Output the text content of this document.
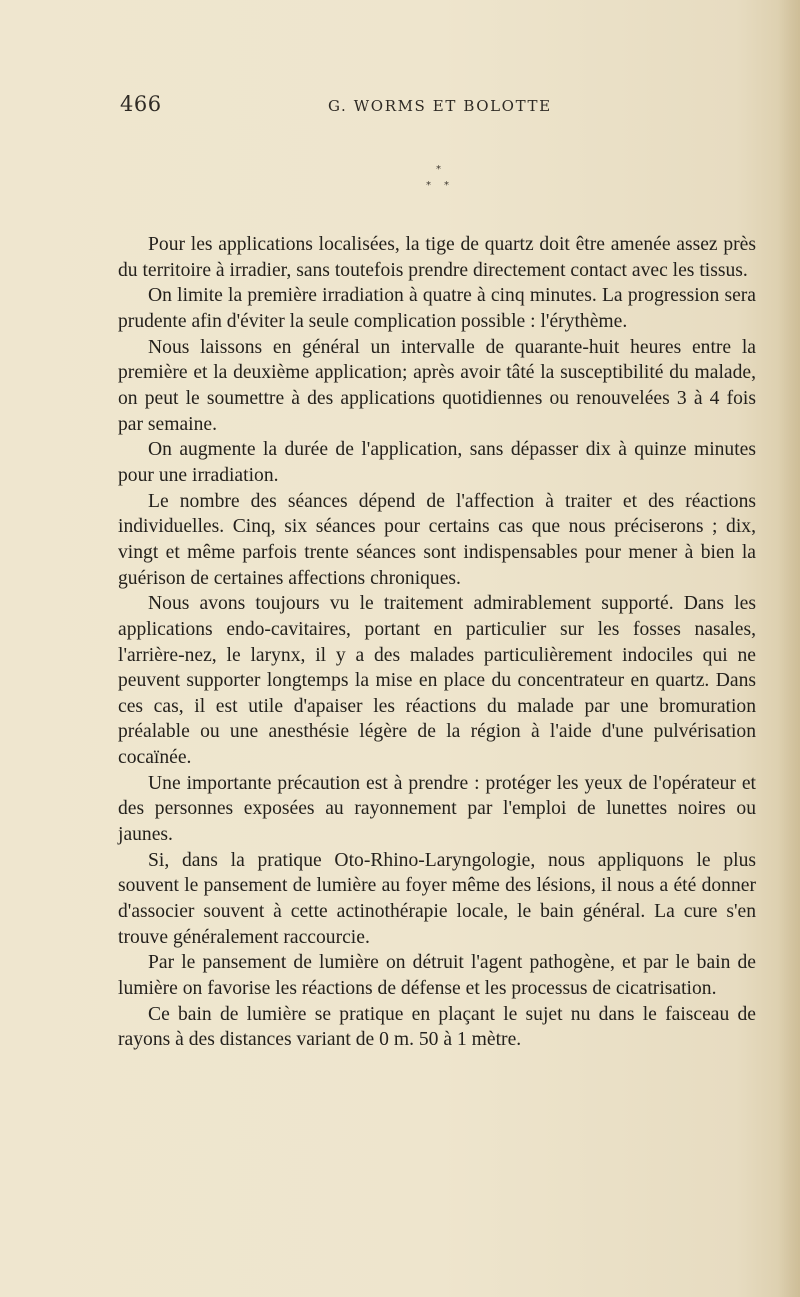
466	G. WORMS ET BOLOTTE
*
* *

Pour les applications localisées, la tige de quartz doit être amenée assez près du territoire à irradier, sans toutefois prendre directement contact avec les tissus.

On limite la première irradiation à quatre à cinq minutes. La progression sera prudente afin d'éviter la seule complication possible : l'érythème.

Nous laissons en général un intervalle de quarante-huit heures entre la première et la deuxième application; après avoir tâté la susceptibilité du malade, on peut le soumettre à des applications quotidiennes ou renouvelées 3 à 4 fois par semaine.

On augmente la durée de l'application, sans dépasser dix à quinze minutes pour une irradiation.

Le nombre des séances dépend de l'affection à traiter et des réactions individuelles. Cinq, six séances pour certains cas que nous préciserons ; dix, vingt et même parfois trente séances sont indispensables pour mener à bien la guérison de certaines affections chroniques.

Nous avons toujours vu le traitement admirablement supporté. Dans les applications endo-cavitaires, portant en particulier sur les fosses nasales, l'arrière-nez, le larynx, il y a des malades particulièrement indociles qui ne peuvent supporter longtemps la mise en place du concentrateur en quartz. Dans ces cas, il est utile d'apaiser les réactions du malade par une bromuration préalable ou une anesthésie légère de la région à l'aide d'une pulvérisation cocaïnée.

Une importante précaution est à prendre : protéger les yeux de l'opérateur et des personnes exposées au rayonnement par l'emploi de lunettes noires ou jaunes.

Si, dans la pratique Oto-Rhino-Laryngologie, nous appliquons le plus souvent le pansement de lumière au foyer même des lésions, il nous a été donner d'associer souvent à cette actinothérapie locale, le bain général. La cure s'en trouve généralement raccourcie.

Par le pansement de lumière on détruit l'agent pathogène, et par le bain de lumière on favorise les réactions de défense et les processus de cicatrisation.

Ce bain de lumière se pratique en plaçant le sujet nu dans le faisceau de rayons à des distances variant de 0 m. 50 à 1 mètre.
